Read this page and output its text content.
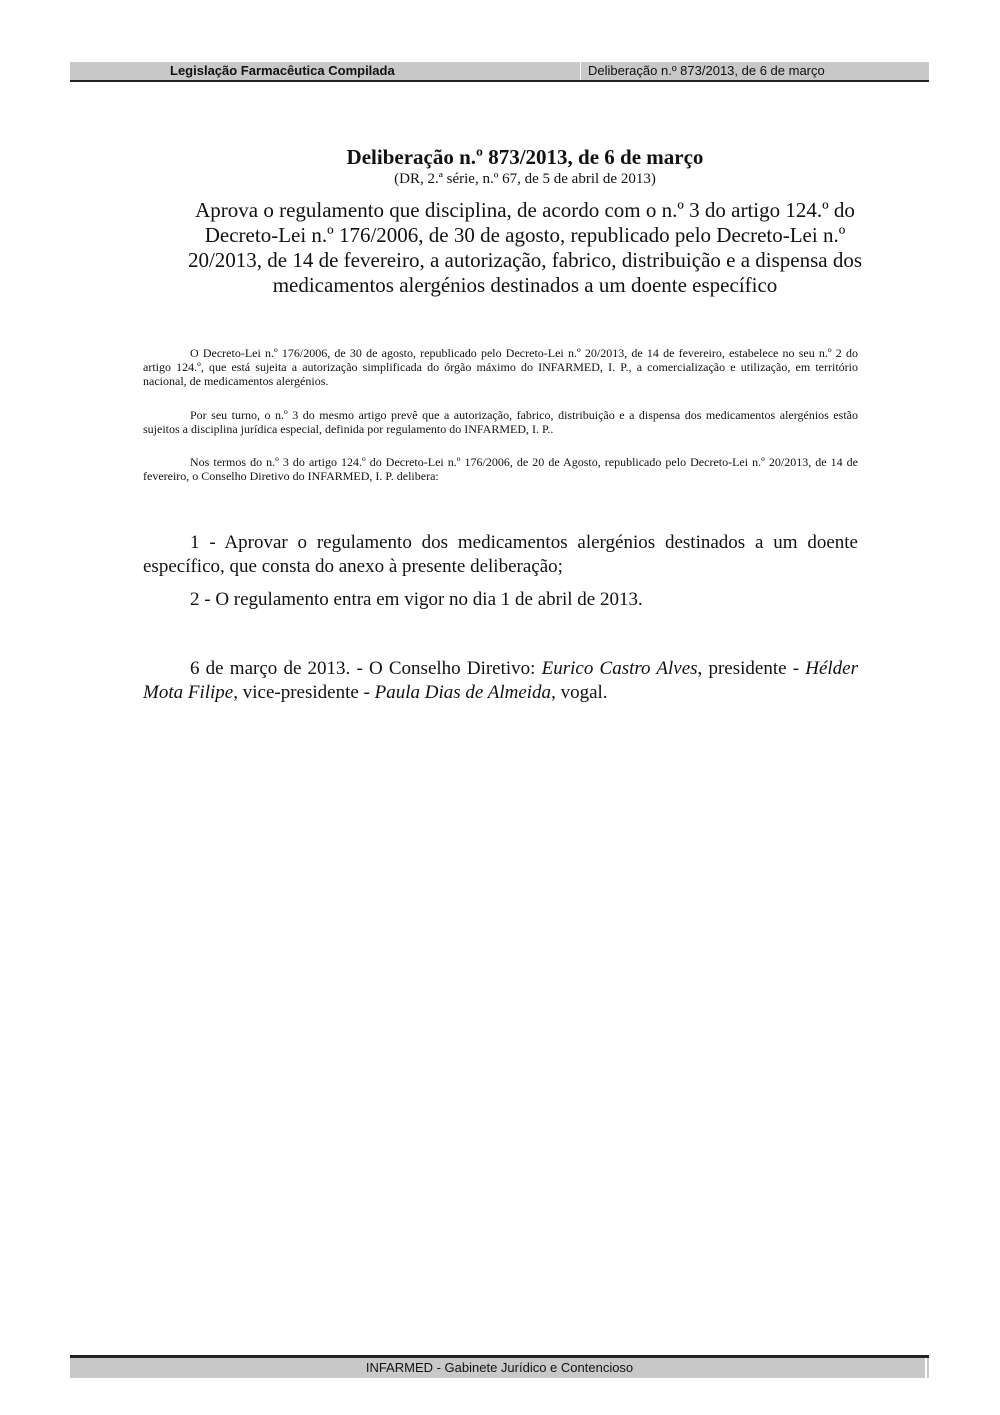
Legislação Farmacêutica Compilada	Deliberação n.º 873/2013, de 6 de março
Deliberação n.º 873/2013, de 6 de março
(DR, 2.ª série, n.º 67, de 5 de abril de 2013)
Aprova o regulamento que disciplina, de acordo com o n.º 3 do artigo 124.º do Decreto-Lei n.º 176/2006, de 30 de agosto, republicado pelo Decreto-Lei n.º 20/2013, de 14 de fevereiro, a autorização, fabrico, distribuição e a dispensa dos medicamentos alergénios destinados a um doente específico

O Decreto-Lei n.º 176/2006, de 30 de agosto, republicado pelo Decreto-Lei n.º 20/2013, de 14 de fevereiro, estabelece no seu n.º 2 do artigo 124.º, que está sujeita a autorização simplificada do órgão máximo do INFARMED, I. P., a comercialização e utilização, em território nacional, de medicamentos alergénios.

Por seu turno, o n.º 3 do mesmo artigo prevê que a autorização, fabrico, distribuição e a dispensa dos medicamentos alergénios estão sujeitos a disciplina jurídica especial, definida por regulamento do INFARMED, I. P..

Nos termos do n.º 3 do artigo 124.º do Decreto-Lei n.º 176/2006, de 20 de Agosto, republicado pelo Decreto-Lei n.º 20/2013, de 14 de fevereiro, o Conselho Diretivo do INFARMED, I. P. delibera:

1 - Aprovar o regulamento dos medicamentos alergénios destinados a um doente específico, que consta do anexo à presente deliberação;

2 - O regulamento entra em vigor no dia 1 de abril de 2013.

6 de março de 2013. - O Conselho Diretivo: Eurico Castro Alves, presidente - Hélder Mota Filipe, vice-presidente - Paula Dias de Almeida, vogal.

INFARMED - Gabinete Jurídico e Contencioso
